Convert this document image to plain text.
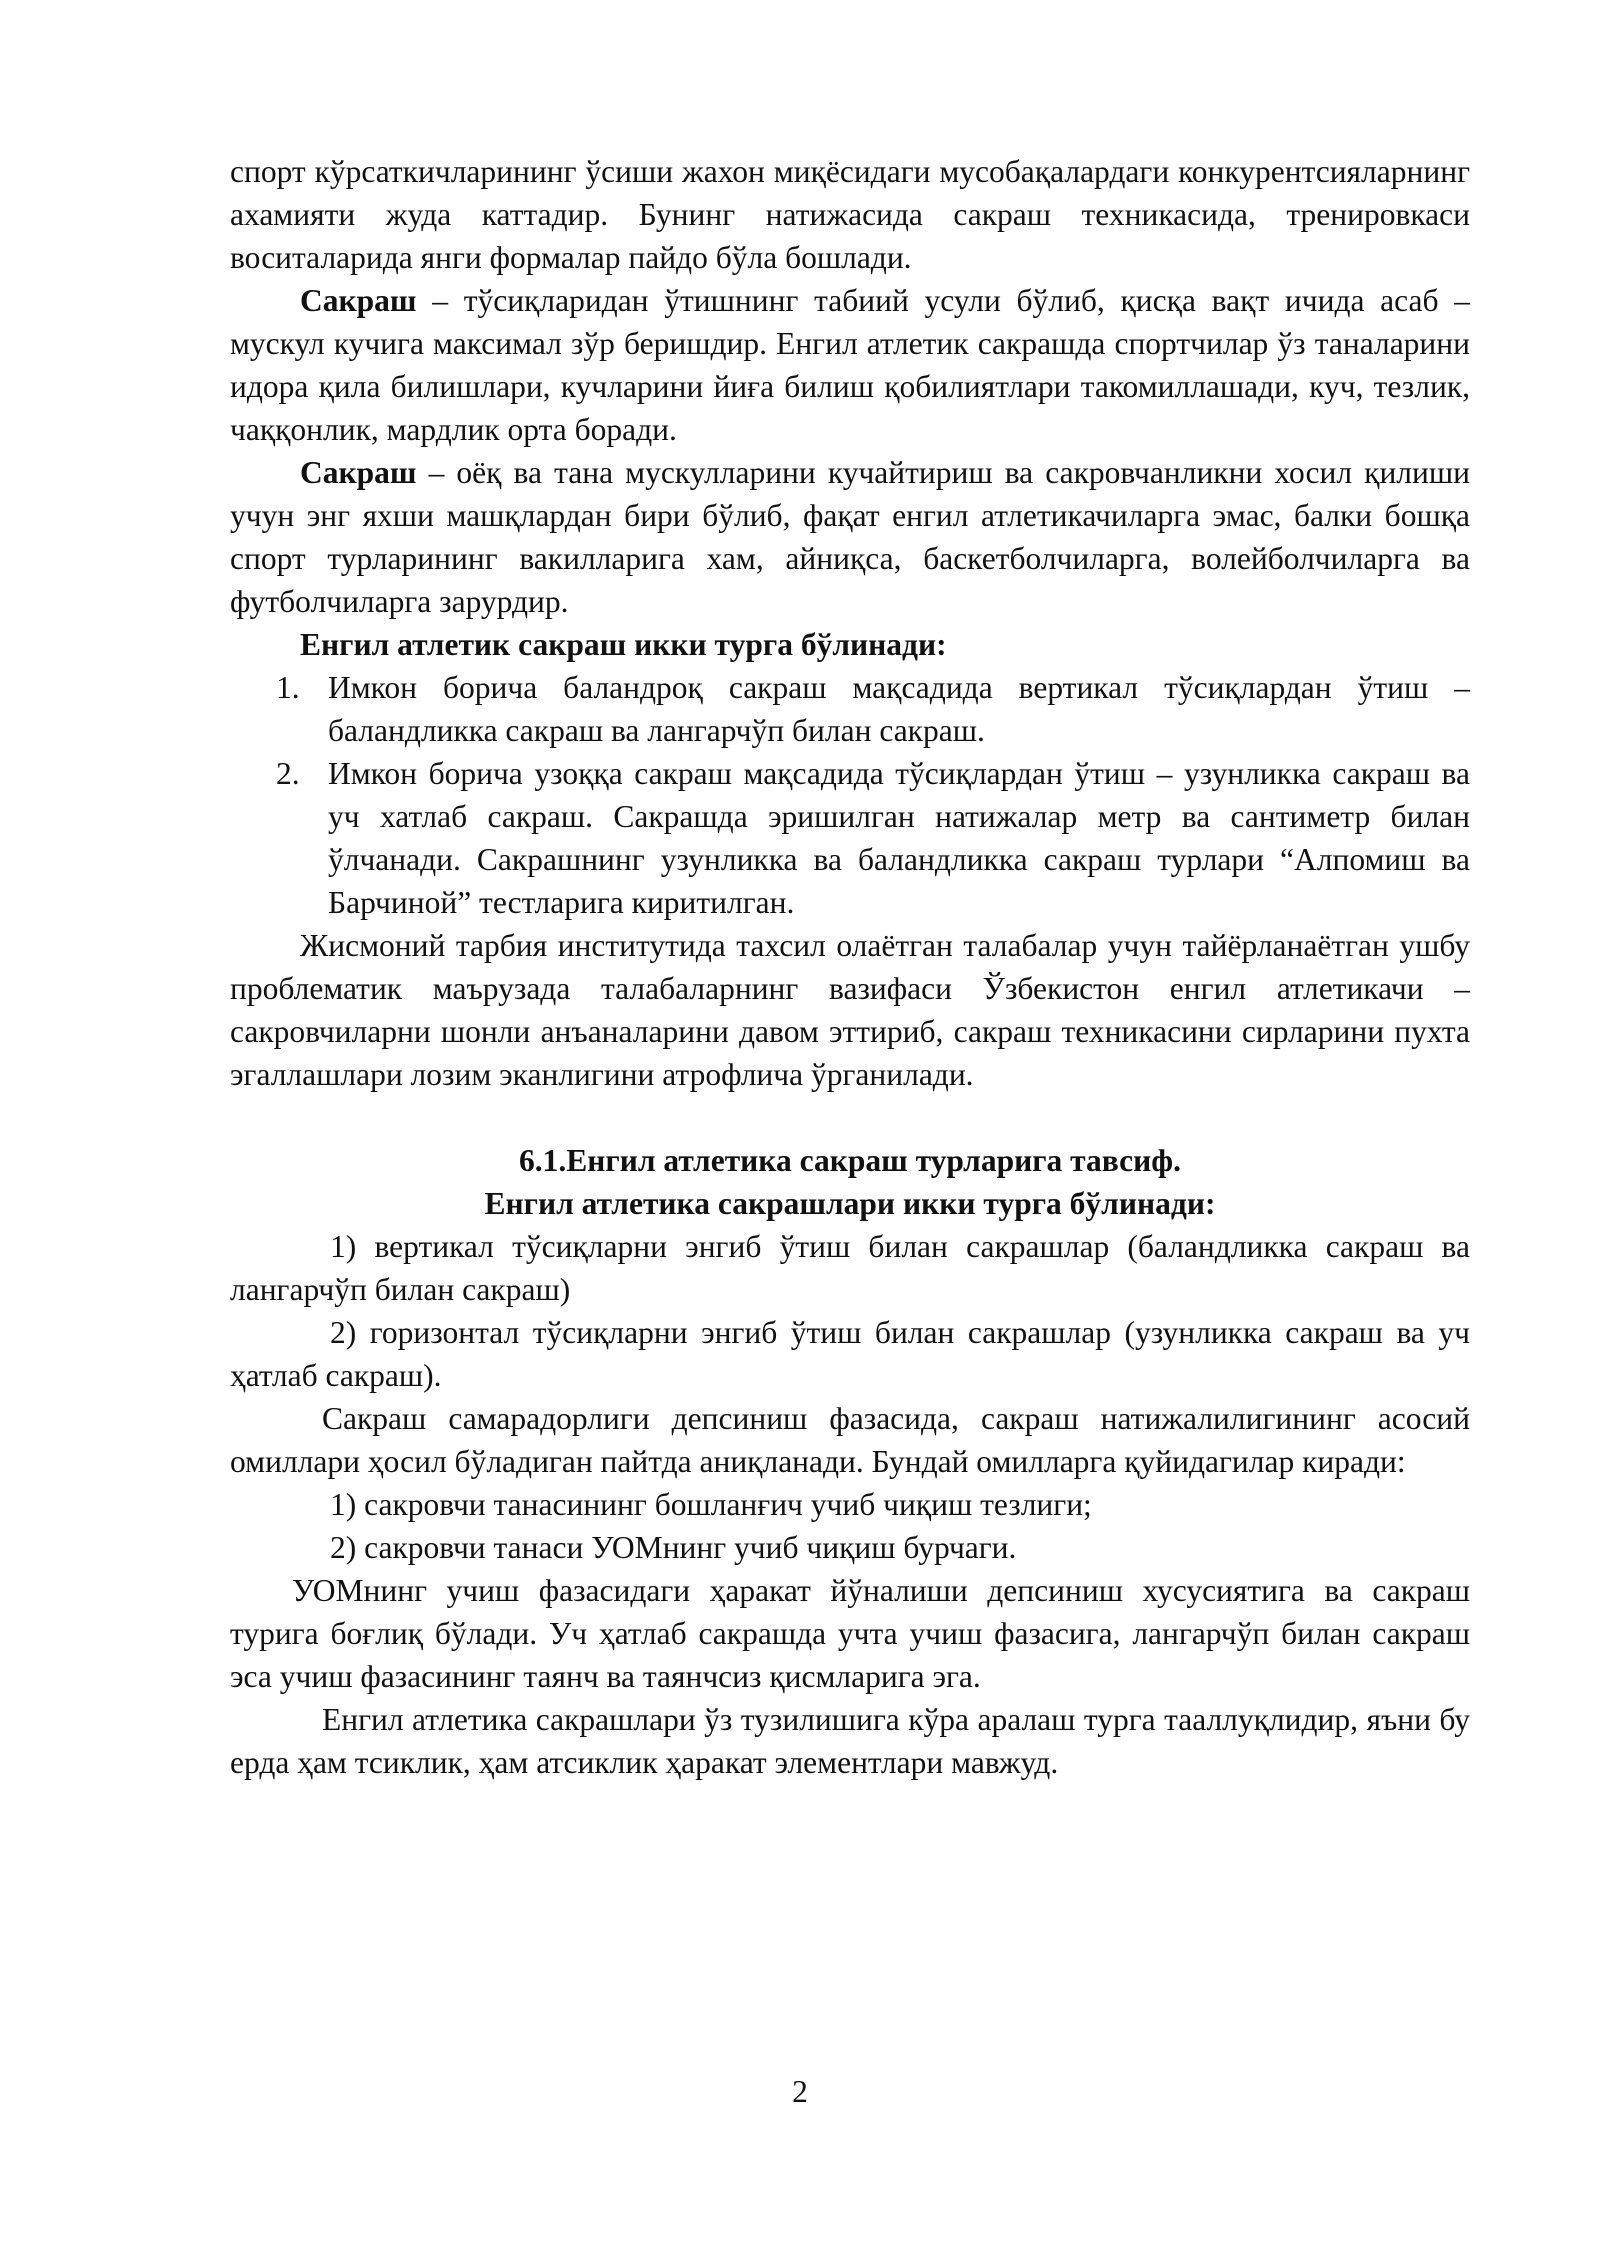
спорт кўрсаткичларининг ўсиши жахон миқёсидаги мусобақалардаги конкурентсияларнинг ахамияти жуда каттадир. Бунинг натижасида сакраш техникасида, тренировкаси воситаларида янги формалар пайдо бўла бошлади.

Сакраш – тўсиқларидан ўтишнинг табиий усули бўлиб, қисқа вақт ичида асаб – мускул кучига максимал зўр беришдир. Енгил атлетик сакрашда спортчилар ўз таналарини идора қила билишлари, кучларини йиға билиш қобилиятлари такомиллашади, куч, тезлик, чаққонлик, мардлик орта боради.

Сакраш – оёқ ва тана мускулларини кучайтириш ва сакровчанликни хосил қилиши учун энг яхши машқлардан бири бўлиб, фақат енгил атлетикачиларга эмас, балки бошқа спорт турларининг вакилларига хам, айниқса, баскетболчиларга, волейболчиларга ва футболчиларга зарурдир.

Енгил атлетик сакраш икки турга бўлинади:

1. Имкон борича баландроқ сакраш мақсадида вертикал тўсиқлардан ўтиш – баландликка сакраш ва лангарчўп билан сакраш.
2. Имкон борича узоққа сакраш мақсадида тўсиқлардан ўтиш – узунликка сакраш ва уч хатлаб сакраш. Сакрашда эришилган натижалар метр ва сантиметр билан ўлчанади. Сакрашнинг узунликка ва баландликка сакраш турлари “Алпомиш ва Барчиной” тестларига киритилган.

Жисмоний тарбия институтида тахсил олаётган талабалар учун тайёрланаётган ушбу проблематик маърузада талабаларнинг вазифаси Ўзбекистон енгил атлетикачи – сакровчиларни шонли анъаналарини давом эттириб, сакраш техникасини сирларини пухта эгаллашлари лозим эканлигини атрофлича ўрганилади.

6.1.Енгил атлетика сакраш турларига тавсиф.

Енгил атлетика сакрашлари икки турга бўлинади:

1) вертикал тўсиқларни энгиб ўтиш билан сакрашлар (баландликка сакраш ва лангарчўп билан сакраш)

2) горизонтал тўсиқларни энгиб ўтиш билан сакрашлар (узунликка сакраш ва уч ҳатлаб сакраш).

Сакраш самарадорлиги депсиниш фазасида, сакраш натижалилигининг асосий омиллари ҳосил бўладиган пайтда аниқланади. Бундай омилларга қуйидагилар киради:

1) сакровчи танасининг бошланғич учиб чиқиш тезлиги;

2) сакровчи танаси УОМнинг учиб чиқиш бурчаги.

УОМнинг учиш фазасидаги ҳаракат йўналиши депсиниш хусусиятига ва сакраш турига боғлиқ бўлади. Уч ҳатлаб сакрашда учта учиш фазасига, лангарчўп билан сакраш эса учиш фазасининг таянч ва таянчсиз қисмларига эга.

Енгил атлетика сакрашлари ўз тузилишига кўра аралаш турга тааллуқлидир, яъни бу ерда ҳам тсиклик, ҳам атсиклик ҳаракат элементлари мавжуд.

2
